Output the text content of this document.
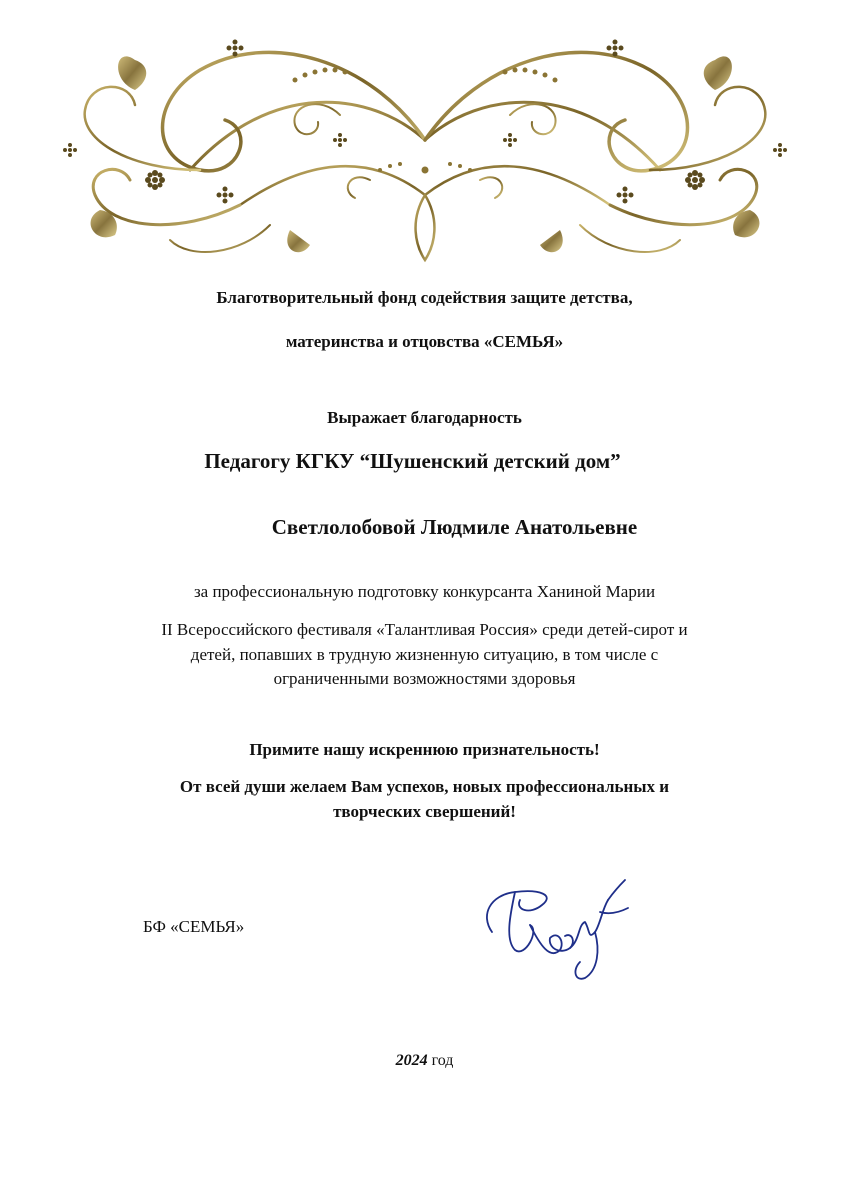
Благотворительный фонд содействия защите детства,
материнства и отцовства «СЕМЬЯ»
Выражает благодарность
Педагогу КГКУ “Шушенский детский дом”
Светлолобовой Людмиле Анатольевне
за профессиональную подготовку конкурсанта Ханиной Марии
II Всероссийского фестиваля «Талантливая Россия» среди детей-сирот и
детей, попавших в трудную жизненную ситуацию, в том числе с
ограниченными возможностями здоровья
Примите нашу искреннюю признательность!
От всей души желаем Вам успехов, новых профессиональных и
творческих свершений!
БФ «СЕМЬЯ»
2024 год
